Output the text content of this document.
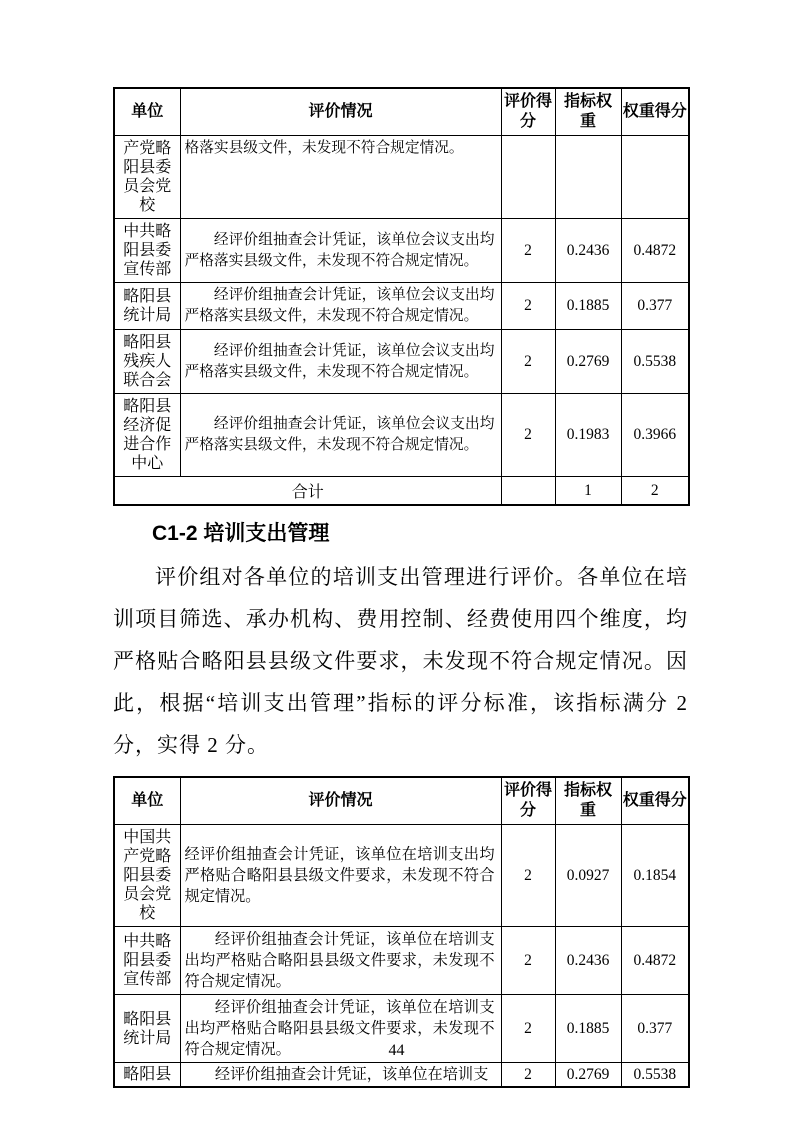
单位	评价情况	评价得分	指标权重	权重得分
产党略阳县委员会党校	格落实县级文件，未发现不符合规定情况。			
中共略阳县委宣传部	经评价组抽查会计凭证，该单位会议支出均严格落实县级文件，未发现不符合规定情况。	2	0.2436	0.4872
略阳县统计局	经评价组抽查会计凭证，该单位会议支出均严格落实县级文件，未发现不符合规定情况。	2	0.1885	0.377
略阳县残疾人联合会	经评价组抽查会计凭证，该单位会议支出均严格落实县级文件，未发现不符合规定情况。	2	0.2769	0.5538
略阳县经济促进合作中心	经评价组抽查会计凭证，该单位会议支出均严格落实县级文件，未发现不符合规定情况。	2	0.1983	0.3966
合计			1	2
C1-2 培训支出管理

评价组对各单位的培训支出管理进行评价。各单位在培训项目筛选、承办机构、费用控制、经费使用四个维度，均严格贴合略阳县县级文件要求，未发现不符合规定情况。因此，根据“培训支出管理”指标的评分标准，该指标满分 2 分，实得 2 分。

单位	评价情况	评价得分	指标权重	权重得分
中国共产党略阳县委员会党校	经评价组抽查会计凭证，该单位在培训支出均严格贴合略阳县县级文件要求，未发现不符合规定情况。	2	0.0927	0.1854
中共略阳县委宣传部	经评价组抽查会计凭证，该单位在培训支出均严格贴合略阳县县级文件要求，未发现不符合规定情况。	2	0.2436	0.4872
略阳县统计局	经评价组抽查会计凭证，该单位在培训支出均严格贴合略阳县县级文件要求，未发现不符合规定情况。	2	0.1885	0.377
略阳县	经评价组抽查会计凭证，该单位在培训支	2	0.2769	0.5538
44
